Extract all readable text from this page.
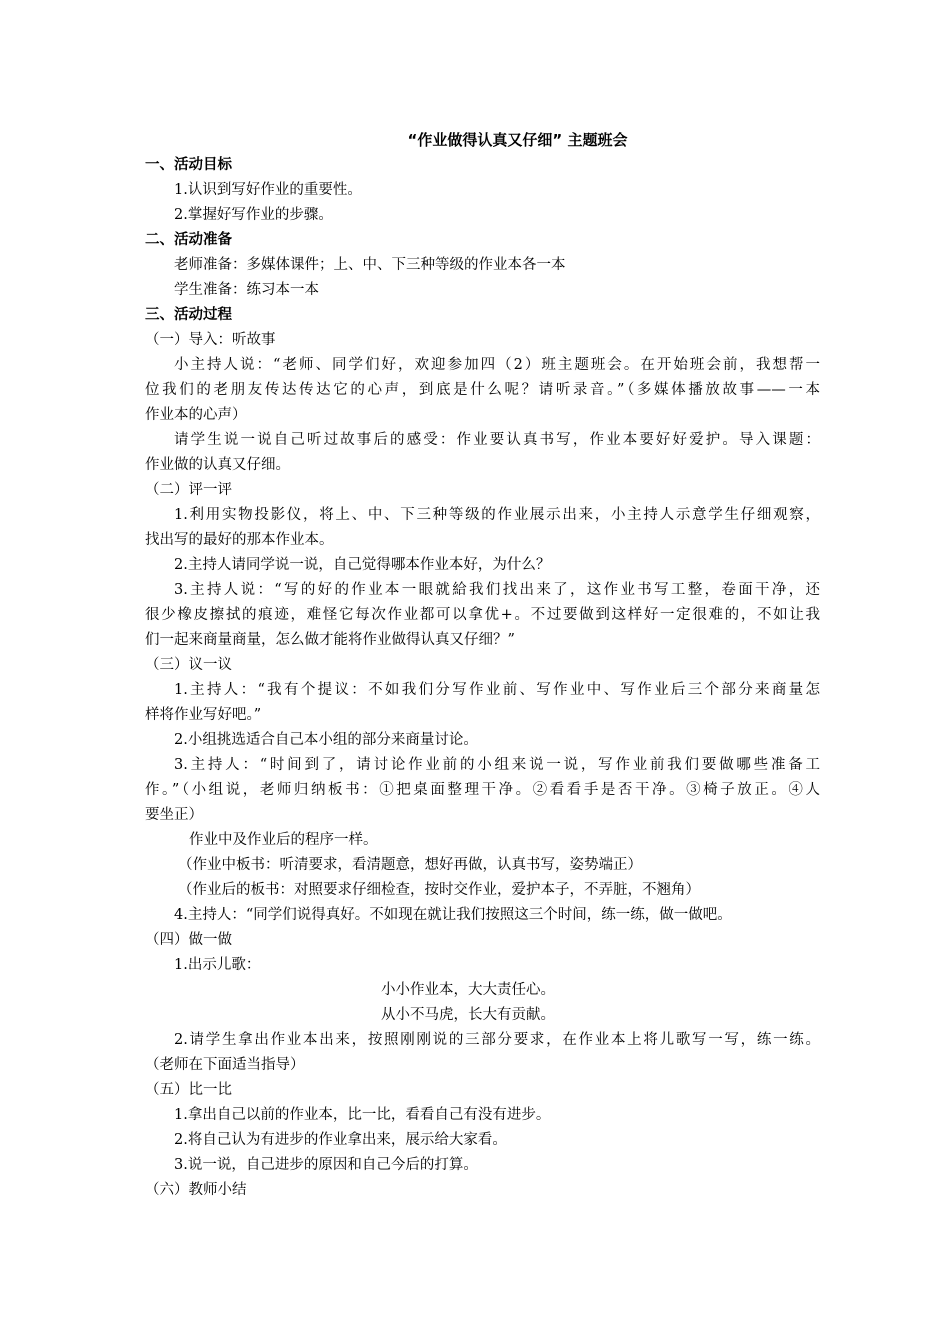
“作业做得认真又仔细” 主题班会
一、活动目标
1.认识到写好作业的重要性。
2.掌握好写作业的步骤。
二、活动准备
老师准备：多媒体课件；上、中、下三种等级的作业本各一本
学生准备：练习本一本
三、活动过程
（一）导入：听故事
小主持人说：“老师、同学们好，欢迎参加四（2）班主题班会。在开始班会前，我想帮一
位我们的老朋友传达传达它的心声，到底是什么呢？请听录音。”（多媒体播放故事——一本
作业本的心声）
请学生说一说自己听过故事后的感受：作业要认真书写，作业本要好好爱护。导入课题：
作业做的认真又仔细。
（二）评一评
1.利用实物投影仪，将上、中、下三种等级的作业展示出来，小主持人示意学生仔细观察，
找出写的最好的那本作业本。
2.主持人请同学说一说，自己觉得哪本作业本好，为什么？
3.主持人说：“写的好的作业本一眼就給我们找出来了，这作业书写工整，卷面干净，还
很少橡皮擦拭的痕迹，难怪它每次作业都可以拿优+。不过要做到这样好一定很难的，不如让我
们一起来商量商量，怎么做才能将作业做得认真又仔细？”
（三）议一议
1.主持人：“我有个提议：不如我们分写作业前、写作业中、写作业后三个部分来商量怎
样将作业写好吧。”
2.小组挑选适合自己本小组的部分来商量讨论。
3.主持人：“时间到了，请讨论作业前的小组来说一说，写作业前我们要做哪些准备工
作。”（小组说，老师归纳板书：①把桌面整理干净。②看看手是否干净。③椅子放正。④人
要坐正）
作业中及作业后的程序一样。
（作业中板书：听清要求，看清题意，想好再做，认真书写，姿势端正）
（作业后的板书：对照要求仔细检查，按时交作业，爱护本子，不弄脏，不翘角）
4.主持人：“同学们说得真好。不如现在就让我们按照这三个时间，练一练，做一做吧。
（四）做一做
1.出示儿歌：
小小作业本，大大责任心。
从小不马虎，长大有贡献。
2.请学生拿出作业本出来，按照刚刚说的三部分要求，在作业本上将儿歌写一写，练一练。
（老师在下面适当指导）
（五）比一比
1.拿出自己以前的作业本，比一比，看看自己有没有进步。
2.将自己认为有进步的作业拿出来，展示给大家看。
3.说一说，自己进步的原因和自己今后的打算。
（六）教师小结
